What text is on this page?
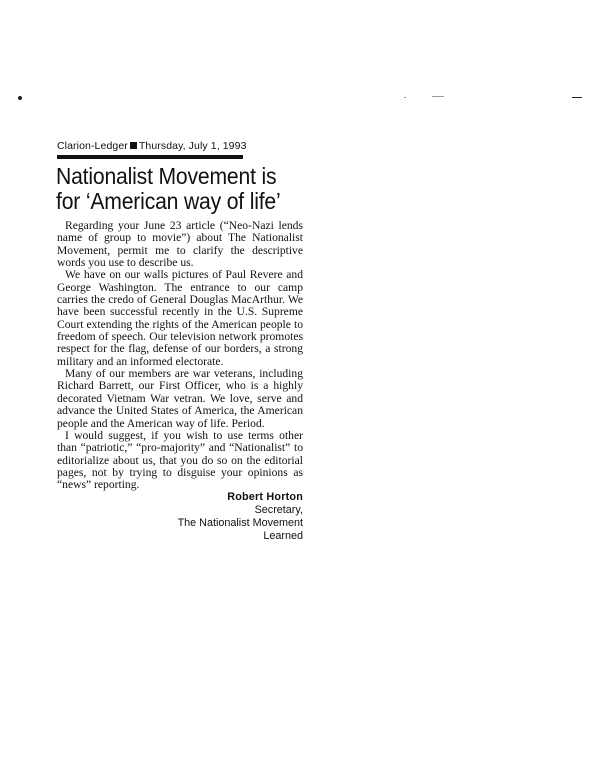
Clarion-Ledger Thursday, July 1, 1993
Nationalist Movement is
for ‘American way of life’

Regarding your June 23 article (“Neo-Nazi lends name of group to movie”) about The Nationalist Movement, permit me to clarify the descriptive words you use to describe us.

We have on our walls pictures of Paul Revere and George Washington. The entrance to our camp carries the credo of General Douglas MacArthur. We have been successful recently in the U.S. Supreme Court extending the rights of the American people to freedom of speech. Our television network promotes respect for the flag, defense of our borders, a strong military and an informed electorate.

Many of our members are war veterans, including Richard Barrett, our First Officer, who is a highly decorated Vietnam War vetran. We love, serve and advance the United States of America, the American people and the American way of life. Period.

I would suggest, if you wish to use terms other than “patriotic,” “pro-majority” and “Nationalist” to editorialize about us, that you do so on the editorial pages, not by trying to disguise your opinions as “news” reporting.

Robert Horton
Secretary,
The Nationalist Movement
Learned
